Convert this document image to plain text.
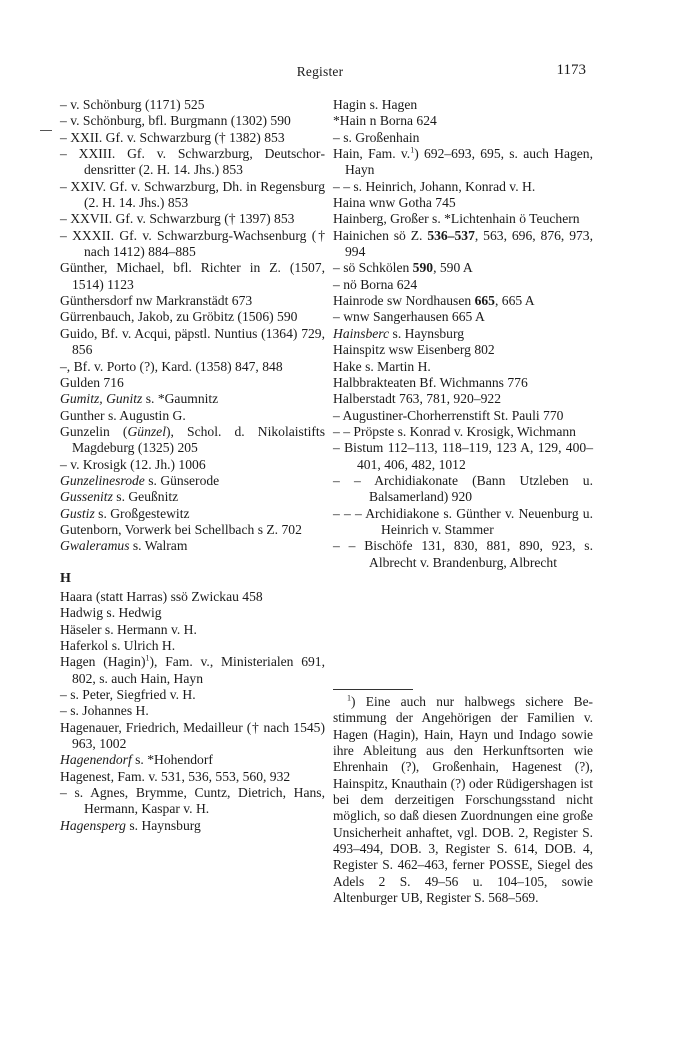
Register	1173
– v. Schönburg (1171) 525
– v. Schönburg, bfl. Burgmann (1302) 590
– XXII. Gf. v. Schwarzburg († 1382) 853
– XXIII. Gf. v. Schwarzburg, Deutschordensritter (2. H. 14. Jhs.) 853
– XXIV. Gf. v. Schwarzburg, Dh. in Regensburg (2. H. 14. Jhs.) 853
– XXVII. Gf. v. Schwarzburg († 1397) 853
– XXXII. Gf. v. Schwarzburg-Wachsenburg († nach 1412) 884–885
Günther, Michael, bfl. Richter in Z. (1507, 1514) 1123
Günthersdorf nw Markranstädt 673
Gürrenbauch, Jakob, zu Gröbitz (1506) 590
Guido, Bf. v. Acqui, päpstl. Nuntius (1364) 729, 856
–, Bf. v. Porto (?), Kard. (1358) 847, 848
Gulden 716
Gumitz, Gunitz s. *Gaumnitz
Gunther s. Augustin G.
Gunzelin (Günzel), Schol. d. Nikolaistifts Magdeburg (1325) 205
– v. Krosigk (12. Jh.) 1006
Gunzelinesrode s. Günserode
Gussenitz s. Geußnitz
Gustiz s. Großgestewitz
Gutenborn, Vorwerk bei Schellbach s Z. 702
Gwaleramus s. Walram
H
Haara (statt Harras) ssö Zwickau 458
Hadwig s. Hedwig
Häseler s. Hermann v. H.
Haferkol s. Ulrich H.
Hagen (Hagin)$^1$), Fam. v., Ministerialen 691, 802, s. auch Hain, Hayn
– s. Peter, Siegfried v. H.
– s. Johannes H.
Hagenauer, Friedrich, Medailleur († nach 1545) 963, 1002
Hagenendorf s. *Hohendorf
Hagenest, Fam. v. 531, 536, 553, 560, 932
– s. Agnes, Brymme, Cuntz, Dietrich, Hans, Hermann, Kaspar v. H.
Hagensperg s. Haynsburg
Hagin s. Hagen
*Hain n Borna 624
– s. Großenhain
Hain, Fam. v.$^1$) 692–693, 695, s. auch Hagen, Hayn
– – s. Heinrich, Johann, Konrad v. H.
Haina wnw Gotha 745
Hainberg, Großer s. *Lichtenhain ö Teuchern
Hainichen sö Z. 536–537, 563, 696, 876, 973, 994
– sö Schkölen 590, 590 A
– nö Borna 624
Hainrode sw Nordhausen 665, 665 A
– wnw Sangerhausen 665 A
Hainsberc s. Haynsburg
Hainspitz wsw Eisenberg 802
Hake s. Martin H.
Halbbrakteaten Bf. Wichmanns 776
Halberstadt 763, 781, 920–922
– Augustiner-Chorherrenstift St. Pauli 770
– – Pröpste s. Konrad v. Krosigk, Wichmann
– Bistum 112–113, 118–119, 123 A, 129, 400–401, 406, 482, 1012
– – Archidiakonate (Bann Utzleben u. Balsamerland) 920
– – – Archidiakone s. Günther v. Neuenburg u. Heinrich v. Stammer
– – Bischöfe 131, 830, 881, 890, 923, s. Albrecht v. Brandenburg, Albrecht
$^1$) Eine auch nur halbwegs sichere Bestimmung der Angehörigen der Familien v. Hagen (Hagin), Hain, Hayn und Indago sowie ihre Ableitung aus den Herkunftsorten wie Ehrenhain (?), Großenhain, Hagenest (?), Hainspitz, Knauthain (?) oder Rüdigershagen ist bei dem derzeitigen Forschungsstand nicht möglich, so daß diesen Zuordnungen eine große Unsicherheit anhaftet, vgl. DOB. 2, Register S. 493–494, DOB. 3, Register S. 614, DOB. 4, Register S. 462–463, ferner POSSE, Siegel des Adels 2 S. 49–56 u. 104–105, sowie Altenburger UB, Register S. 568–569.
